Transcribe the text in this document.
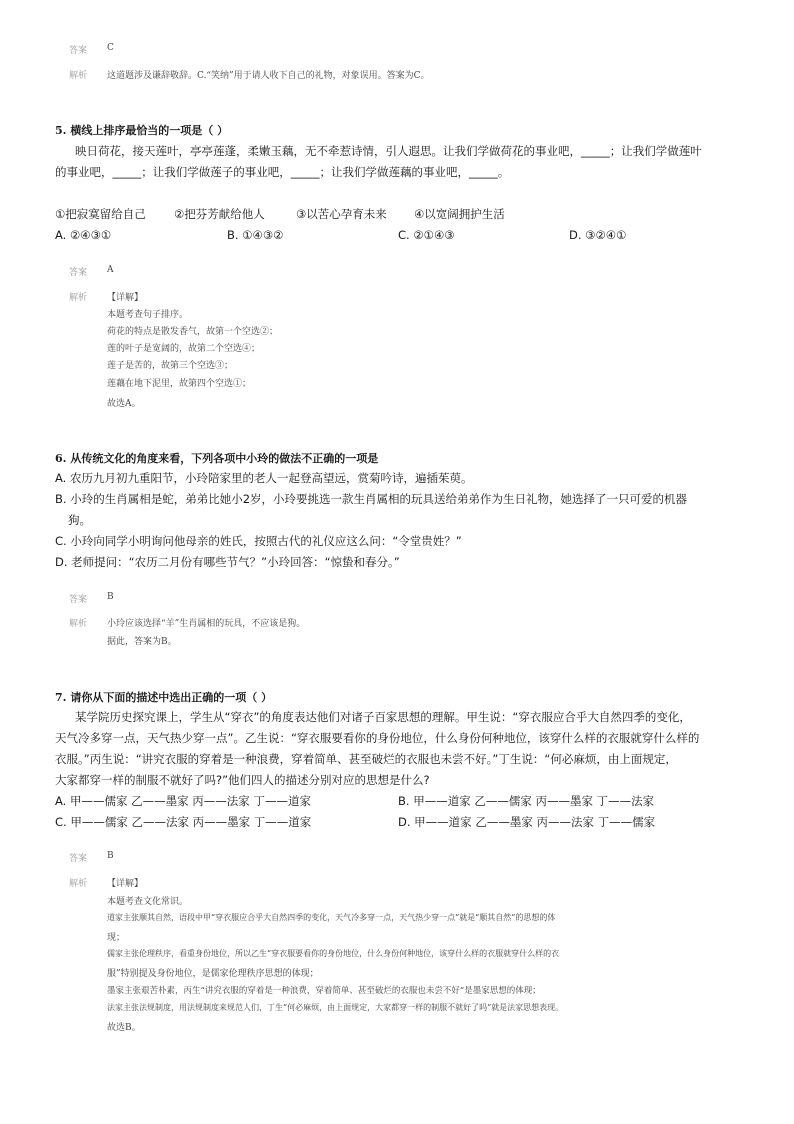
答案 C
解析 这道题涉及谦辞敬辞。C.“笑纳”用于请人收下自己的礼物，对象误用。答案为C。
5. 横线上排序最恰当的一项是（ ）
映日荷花，接天莲叶，亭亭莲蓬，柔嫩玉藕，无不牵惹诗情，引人遐思。让我们学做荷花的事业吧，_____；让我们学做莲叶
的事业吧，_____；让我们学做莲子的事业吧，_____；让我们学做莲藕的事业吧，_____。
①把寂寞留给自己 ②把芬芳献给他人	③以苦心孕育未来 ④以宽阔拥护生活
A. ②④③①	B. ①④③②	C. ②①④③	D. ③②④①
答案 A
解析 【详解】
本题考查句子排序。
荷花的特点是散发香气，故第一个空选②；
莲的叶子是宽阔的，故第二个空选④；
莲子是苦的，故第三个空选③；
莲藕在地下泥里，故第四个空选①；
故选A。
6. 从传统文化的角度来看，下列各项中小玲的做法不正确的一项是
A. 农历九月初九重阳节，小玲陪家里的老人一起登高望远，赏菊吟诗，遍插茱萸。
B. 小玲的生肖属相是蛇，弟弟比她小2岁，小玲要挑选一款生肖属相的玩具送给弟弟作为生日礼物，她选择了一只可爱的机器
狗。
C. 小玲向同学小明询问他母亲的姓氏，按照古代的礼仪应这么问：“令堂贵姓？”
D. 老师提问：“农历二月份有哪些节气？”小玲回答：“惊蛰和春分。”
答案 B
解析 小玲应该选择“羊”生肖属相的玩具，不应该是狗。
据此，答案为B。
7. 请你从下面的描述中选出正确的一项（ ）
某学院历史探究课上，学生从“穿衣”的角度表达他们对诸子百家思想的理解。甲生说：“穿衣服应合乎大自然四季的变化，
天气冷多穿一点，天气热少穿一点”。乙生说：“穿衣服要看你的身份地位，什么身份何种地位，该穿什么样的衣服就穿什么样的
衣服。”丙生说：“讲究衣服的穿着是一种浪费，穿着简单、甚至破烂的衣服也未尝不好。”丁生说：“何必麻烦，由上面规定，
大家都穿一样的制服不就好了吗?”他们四人的描述分别对应的思想是什么?
A. 甲——儒家 乙——墨家 丙——法家 丁——道家	B. 甲——道家 乙——儒家 丙——墨家 丁——法家
C. 甲——儒家 乙——法家 丙——墨家 丁——道家	D. 甲——道家 乙——墨家 丙——法家 丁——儒家
答案 B
解析 【详解】
本题考查文化常识。
道家主张顺其自然，语段中甲“穿衣服应合乎大自然四季的变化，天气冷多穿一点，天气热少穿一点”就是“顺其自然”的思想的体
现；
儒家主张伦理秩序，看重身份地位，所以乙生“穿衣服要看你的身份地位，什么身份何种地位，该穿什么样的衣服就穿什么样的衣
服”特别提及身份地位，是儒家伦理秩序思想的体现；
墨家主张艰苦朴素，丙生“讲究衣服的穿着是一种浪费，穿着简单、甚至破烂的衣服也未尝不好”是墨家思想的体现；
法家主张法规制度，用法规制度来规范人们，丁生“何必麻烦，由上面规定，大家都穿一样的制服不就好了吗”就是法家思想表现。
故选B。
